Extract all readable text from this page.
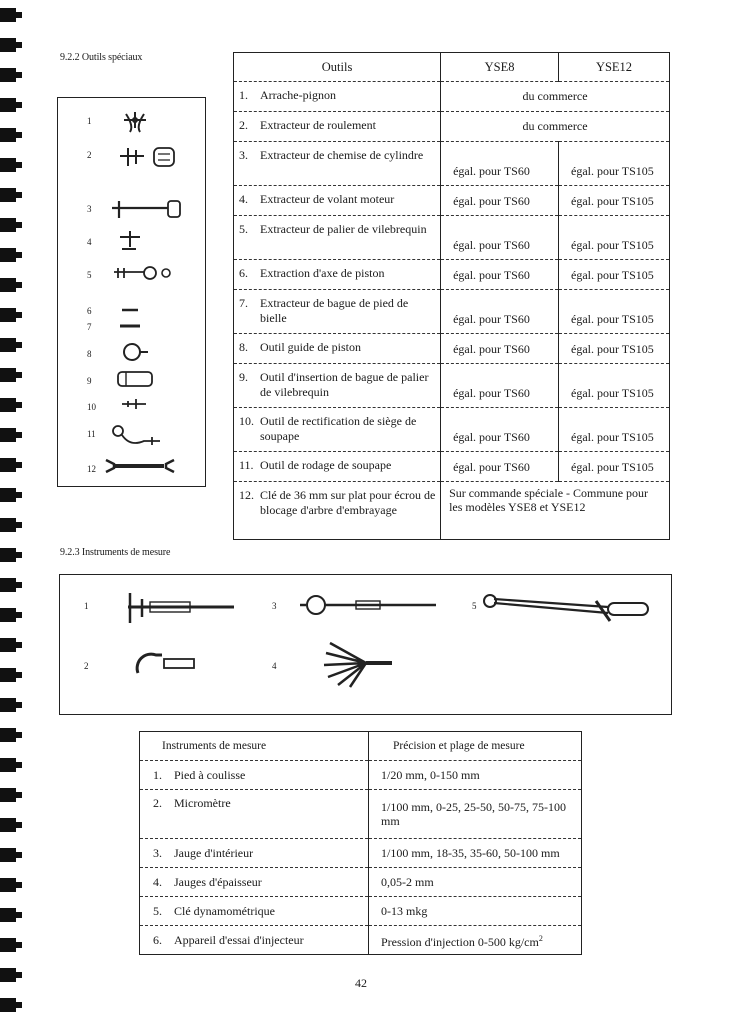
9.2.2 Outils spéciaux
1
2
3
4
5
6
7
8
9
10
11
12
Outils	YSE8	YSE12
1. Arrache-pignon	du commerce	
2. Extracteur de roulement	du commerce	
3. Extracteur de chemise de cylindre	égal. pour TS60	égal. pour TS105
4. Extracteur de volant moteur	égal. pour TS60	égal. pour TS105
5. Extracteur de palier de vilebrequin	égal. pour TS60	égal. pour TS105
6. Extraction d'axe de piston	égal. pour TS60	égal. pour TS105
7. Extracteur de bague de pied de bielle	égal. pour TS60	égal. pour TS105
8. Outil guide de piston	égal. pour TS60	égal. pour TS105
9. Outil d'insertion de bague de palier de vilebrequin	égal. pour TS60	égal. pour TS105
10. Outil de rectification de siège de soupape	égal. pour TS60	égal. pour TS105
11. Outil de rodage de soupape	égal. pour TS60	égal. pour TS105
12. Clé de 36 mm sur plat pour écrou de blocage d'arbre d'embrayage	Sur commande spéciale - Commune pour les modèles YSE8 et YSE12	
9.2.3 Instruments de mesure
1
2
3
4
5
Instruments de mesure	Précision et plage de mesure
1. Pied à coulisse	1/20 mm, 0-150 mm
2. Micromètre	1/100 mm, 0-25, 25-50, 50-75, 75-100 mm

3. Jauge d'intérieur	1/100 mm, 18-35, 35-60, 50-100 mm
4. Jauges d'épaisseur	0,05-2 mm
5. Clé dynamométrique	0-13 mkg
6. Appareil d'essai d'injecteur	Pression d'injection 0-500 $kg/cm^2$
42
